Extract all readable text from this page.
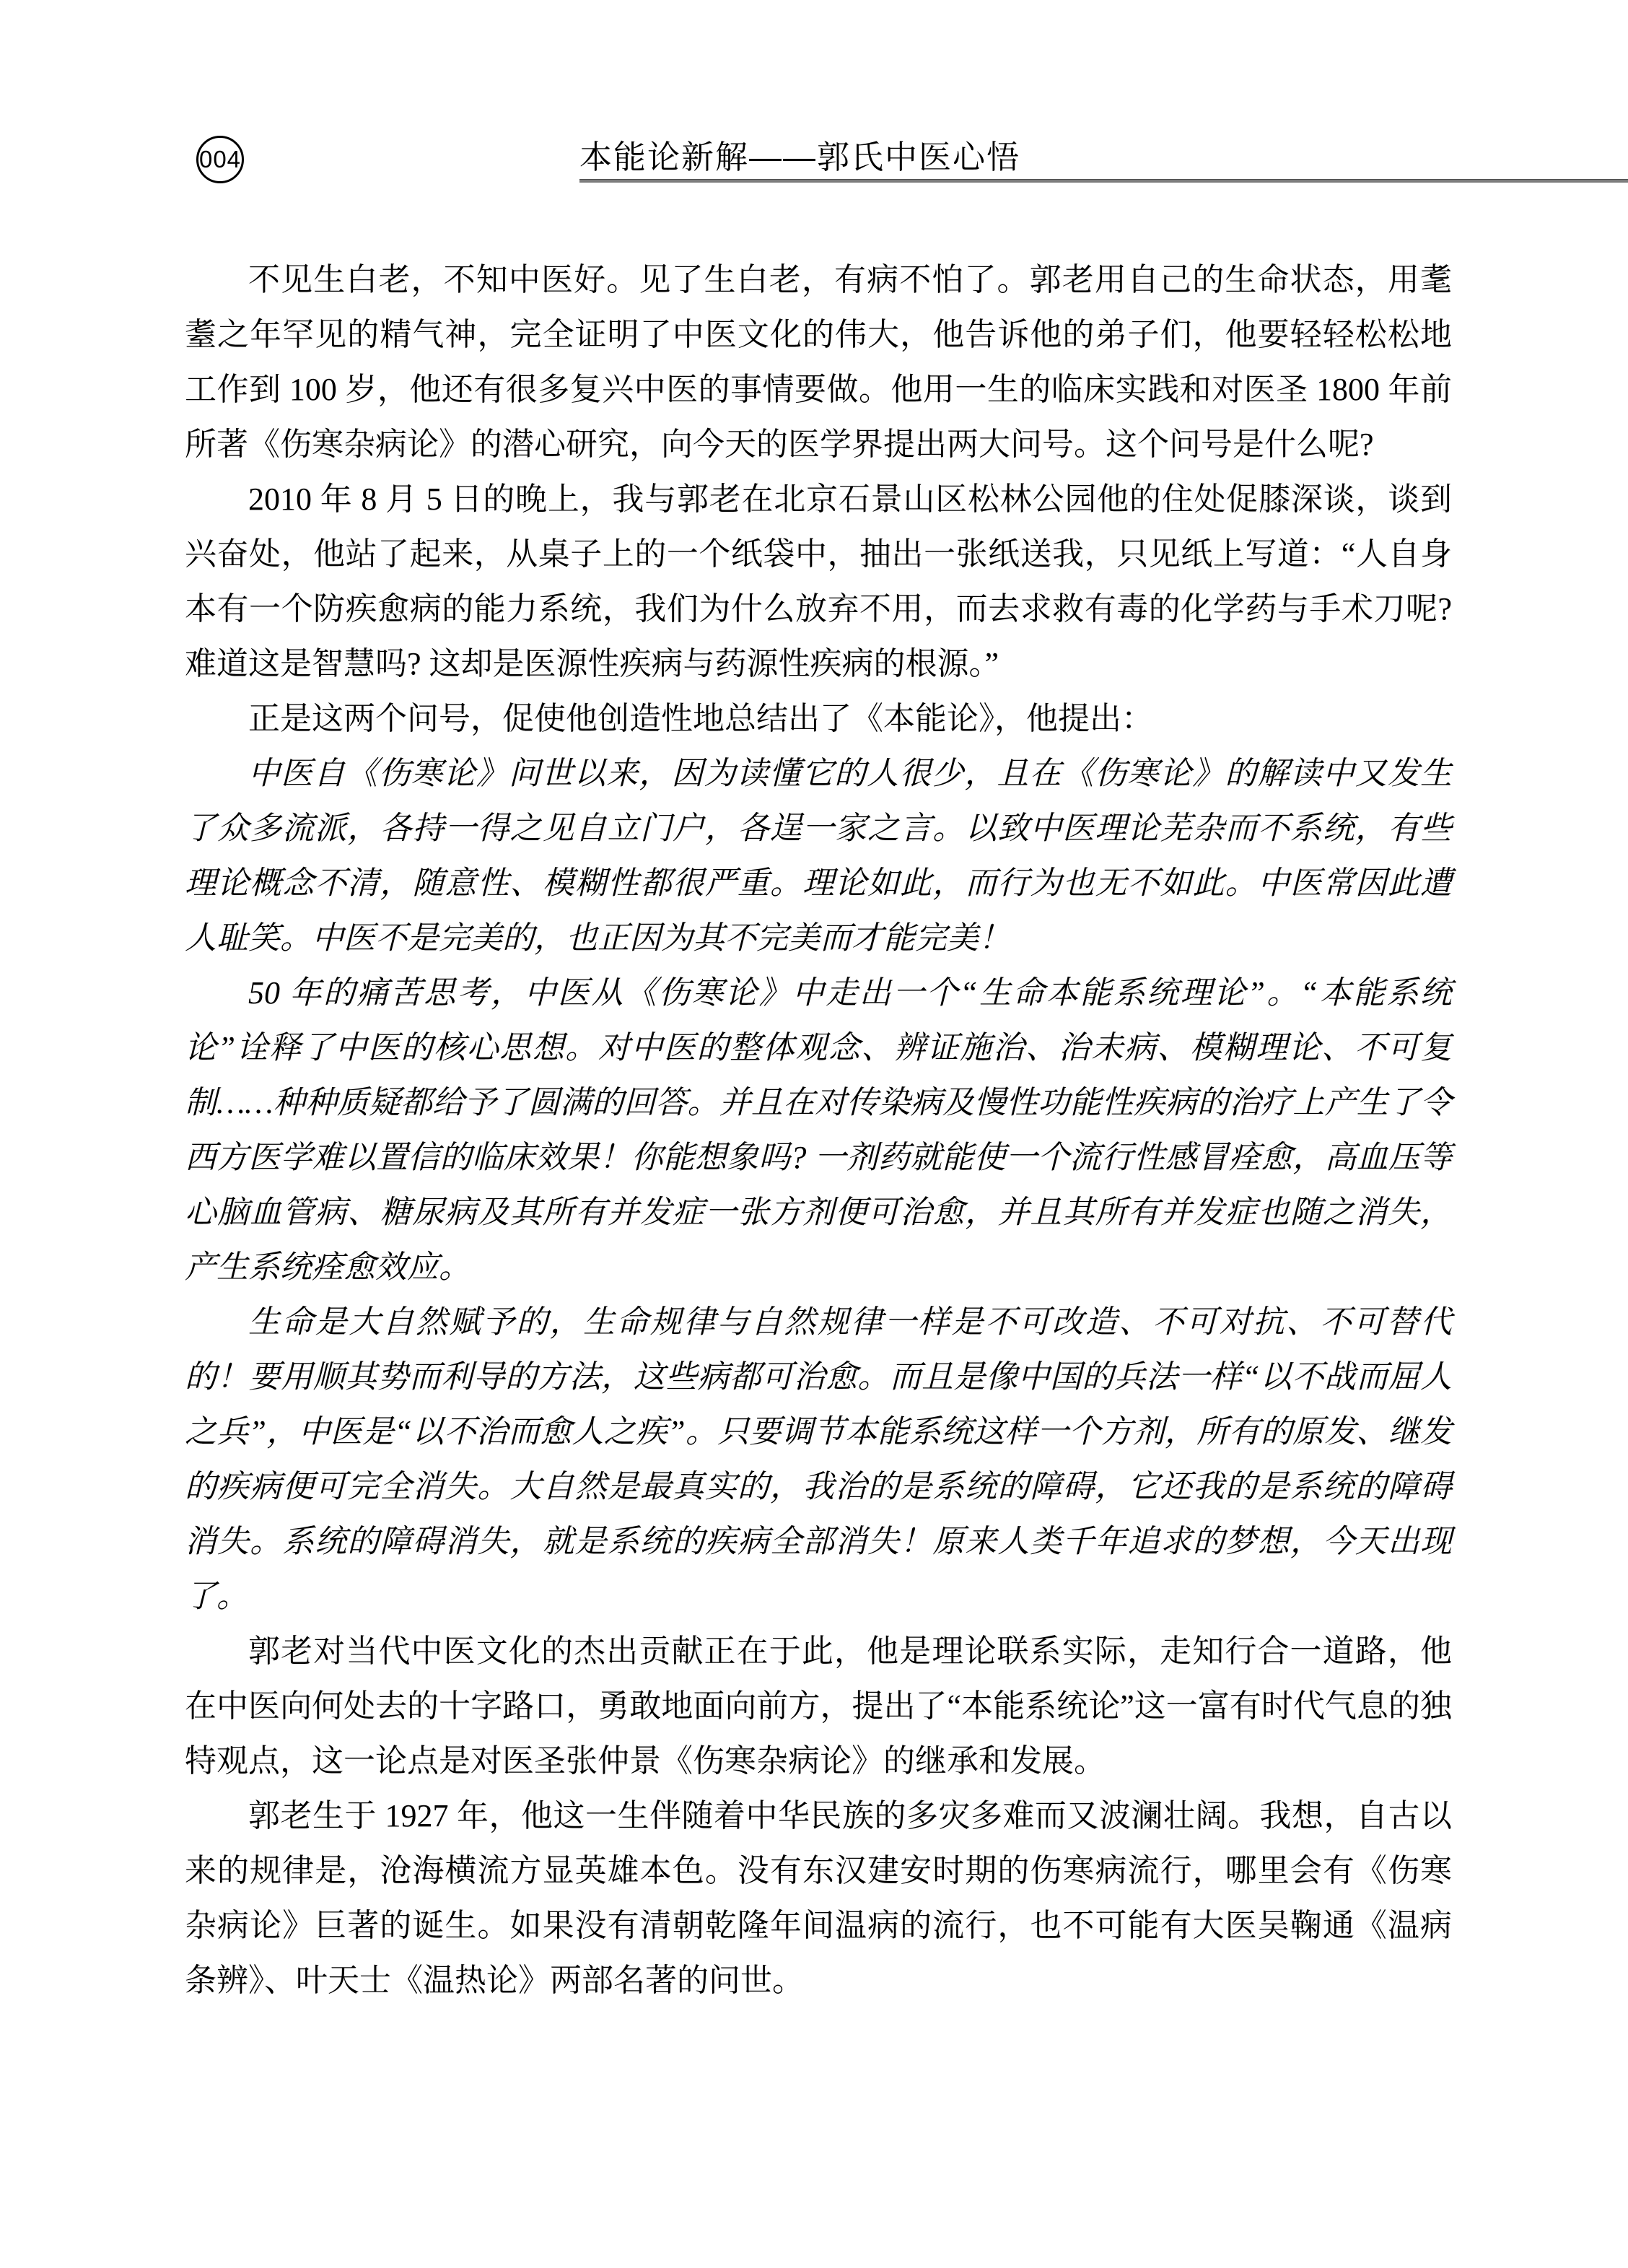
004	本能论新解——郭氏中医心悟

不见生白老，不知中医好。见了生白老，有病不怕了。郭老用自己的生命状态，用耄耋之年罕见的精气神，完全证明了中医文化的伟大，他告诉他的弟子们，他要轻轻松松地工作到 100 岁，他还有很多复兴中医的事情要做。他用一生的临床实践和对医圣 1800 年前所著《伤寒杂病论》的潜心研究，向今天的医学界提出两大问号。这个问号是什么呢?

2010 年 8 月 5 日的晚上，我与郭老在北京石景山区松林公园他的住处促膝深谈，谈到兴奋处，他站了起来，从桌子上的一个纸袋中，抽出一张纸送我，只见纸上写道：“人自身本有一个防疾愈病的能力系统，我们为什么放弃不用，而去求救有毒的化学药与手术刀呢? 难道这是智慧吗? 这却是医源性疾病与药源性疾病的根源。”

正是这两个问号，促使他创造性地总结出了《本能论》，他提出：

中医自《伤寒论》问世以来，因为读懂它的人很少，且在《伤寒论》的解读中又发生了众多流派，各持一得之见自立门户，各逞一家之言。以致中医理论芜杂而不系统，有些理论概念不清，随意性、模糊性都很严重。理论如此，而行为也无不如此。中医常因此遭人耻笑。中医不是完美的，也正因为其不完美而才能完美！

50 年的痛苦思考，中医从《伤寒论》中走出一个“生命本能系统理论”。“本能系统论”诠释了中医的核心思想。对中医的整体观念、辨证施治、治未病、模糊理论、不可复制……种种质疑都给予了圆满的回答。并且在对传染病及慢性功能性疾病的治疗上产生了令西方医学难以置信的临床效果！你能想象吗? 一剂药就能使一个流行性感冒痊愈，高血压等心脑血管病、糖尿病及其所有并发症一张方剂便可治愈，并且其所有并发症也随之消失，产生系统痊愈效应。

生命是大自然赋予的，生命规律与自然规律一样是不可改造、不可对抗、不可替代的！要用顺其势而利导的方法，这些病都可治愈。而且是像中国的兵法一样“以不战而屈人之兵”，中医是“以不治而愈人之疾”。只要调节本能系统这样一个方剂，所有的原发、继发的疾病便可完全消失。大自然是最真实的，我治的是系统的障碍，它还我的是系统的障碍消失。系统的障碍消失，就是系统的疾病全部消失！原来人类千年追求的梦想，今天出现了。

郭老对当代中医文化的杰出贡献正在于此，他是理论联系实际，走知行合一道路，他在中医向何处去的十字路口，勇敢地面向前方，提出了“本能系统论”这一富有时代气息的独特观点，这一论点是对医圣张仲景《伤寒杂病论》的继承和发展。

郭老生于 1927 年，他这一生伴随着中华民族的多灾多难而又波澜壮阔。我想，自古以来的规律是，沧海横流方显英雄本色。没有东汉建安时期的伤寒病流行，哪里会有《伤寒杂病论》巨著的诞生。如果没有清朝乾隆年间温病的流行，也不可能有大医吴鞠通《温病条辨》、叶天士《温热论》两部名著的问世。
